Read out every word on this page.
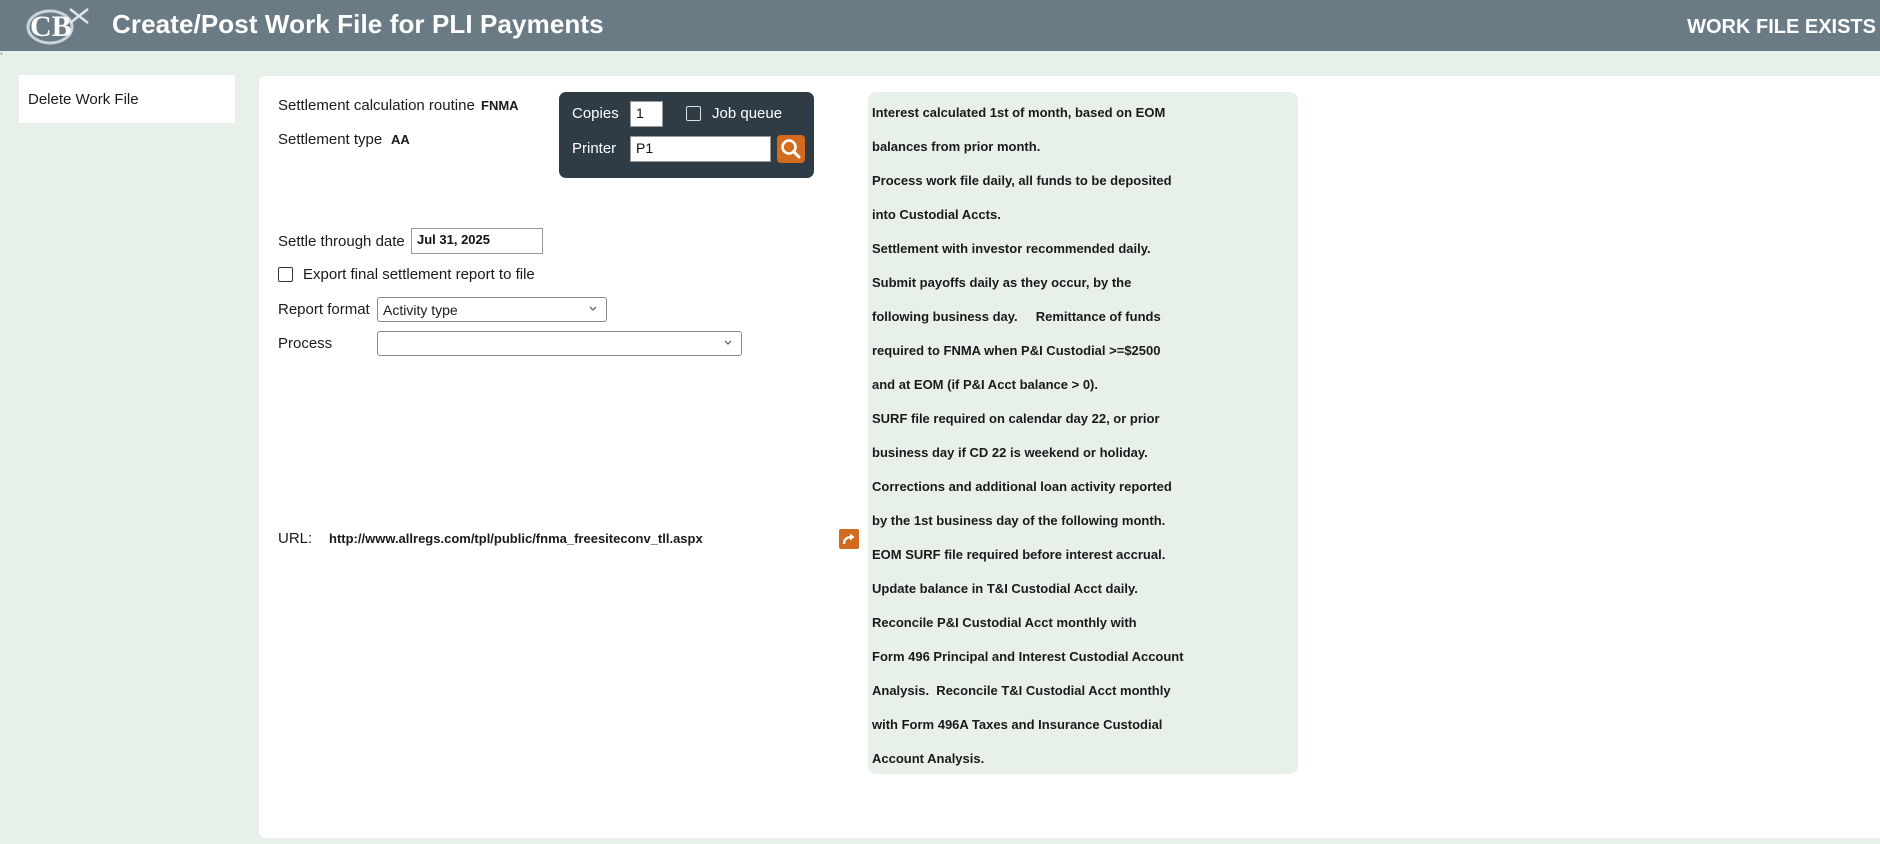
CB Create/Post Work File for PLI Payments	WORK FILE EXISTS
`
Delete Work File	Settlement calculation routine FNMA
Settlement type AA
Copies	1	Job queue
Printer	P1
Settle through date Jul 31, 2025
Export final settlement report to file
Report format Activity type
Process
URL: http://www.allregs.com/tpl/public/fnma_freesiteconv_tll.aspx
Interest calculated 1st of month, based on EOM
balances from prior month.
Process work file daily, all funds to be deposited
into Custodial Accts.
Settlement with investor recommended daily.
Submit payoffs daily as they occur, by the
following business day.     Remittance of funds
required to FNMA when P&I Custodial >=$2500
and at EOM (if P&I Acct balance > 0).
SURF file required on calendar day 22, or prior
business day if CD 22 is weekend or holiday.
Corrections and additional loan activity reported
by the 1st business day of the following month.
EOM SURF file required before interest accrual.
Update balance in T&I Custodial Acct daily.
Reconcile P&I Custodial Acct monthly with
Form 496 Principal and Interest Custodial Account
Analysis.  Reconcile T&I Custodial Acct monthly
with Form 496A Taxes and Insurance Custodial
Account Analysis.
